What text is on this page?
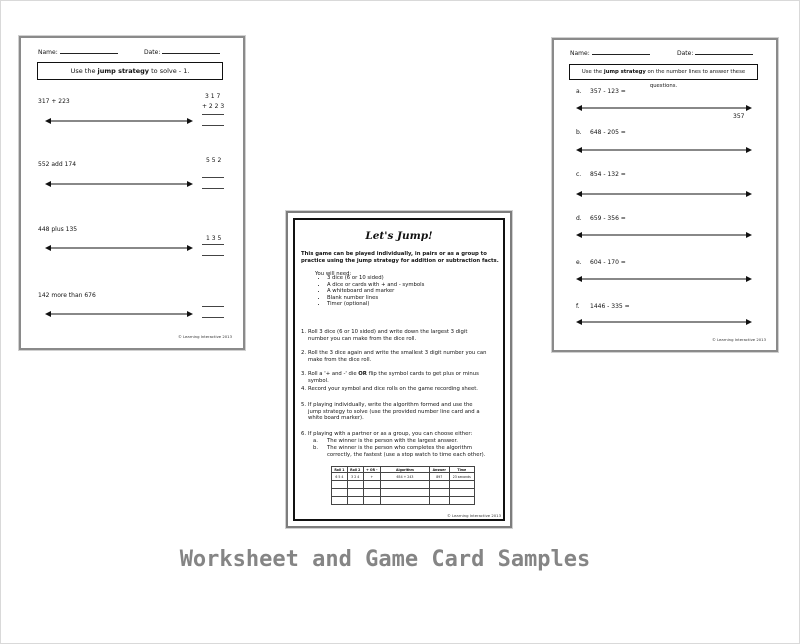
Name:	Date:
Use the jump strategy to solve - 1.
317 + 223
3 1 7
+ 2 2 3
552 add 174
5 5 2
448 plus 135
1 3 5
142 more than 676
© Learning Interactive 2013
Name:	Date:
Use the jump strategy on the number lines to answer these questions.
a. 357 - 123 =
357
b. 648 - 205 =
c. 854 - 132 =
d. 659 - 356 =
e. 604 - 170 =
f. 1446 - 335 =
© Learning Interactive 2013
Let's Jump!
This game can be played individually, in pairs or as a group to practice using the jump strategy for addition or subtraction facts.
You will need:
• 3 dice (6 or 10 sided)
• A dice or cards with + and - symbols
• A whiteboard and marker
• Blank number lines
• Timer (optional)
1. Roll 3 dice (6 or 10 sided) and write down the largest 3 digit number you can make from the dice roll.
2. Roll the 3 dice again and write the smallest 3 digit number you can make from the dice roll.
3. Roll a '+ and -' die OR flip the symbol cards to get plus or minus symbol.
4. Record your symbol and dice rolls on the game recording sheet.
5. If playing individually, write the algorithm formed and use the jump strategy to solve (use the provided number line card and a white board marker).
6. If playing with a partner or as a group, you can choose either:
a. The winner is the person with the largest answer.
b. The winner is the person who completes the algorithm correctly, the fastest (use a stop watch to time each other).
Roll 1	Roll 2	+ OR -	Algorithm	Answer	Time
6 5 4	3 2 4	+	654 + 243	897	23 seconds

© Learning Interactive 2013
Worksheet and Game Card Samples
